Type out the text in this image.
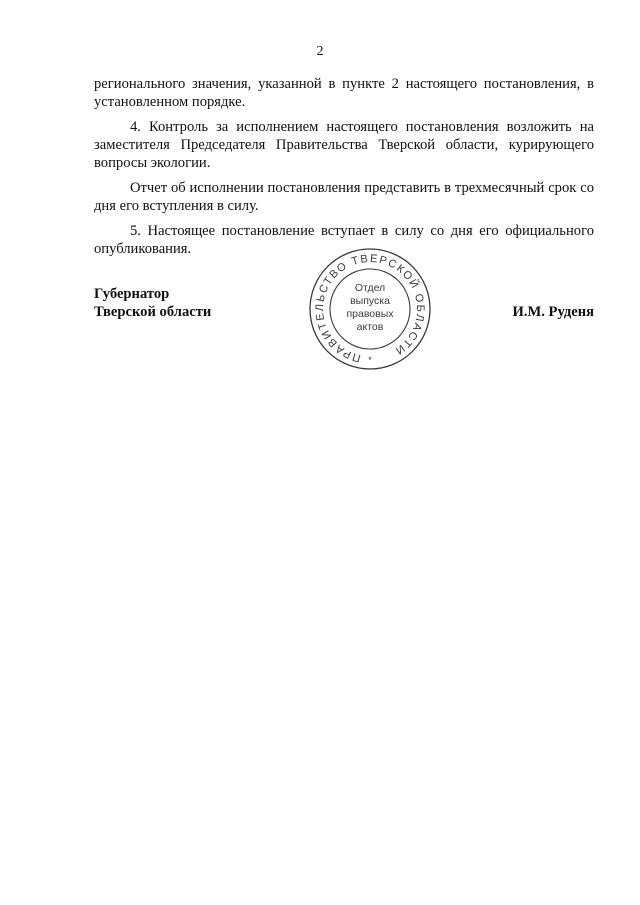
2

регионального значения, указанной в пункте 2 настоящего постановления, в установленном порядке.

4. Контроль за исполнением настоящего постановления возложить на заместителя Председателя Правительства Тверской области, курирующего вопросы экологии.

Отчет об исполнении постановления представить в трехмесячный срок со дня его вступления в силу.

5. Настоящее постановление вступает в силу со дня его официального опубликования.

Губернатор
Тверской области
ПРАВИТЕЛЬСТВО ТВЕРСКОЙ ОБЛАСТИ
Отдел
выпуска
правовых
актов
*
И.М. Руденя
